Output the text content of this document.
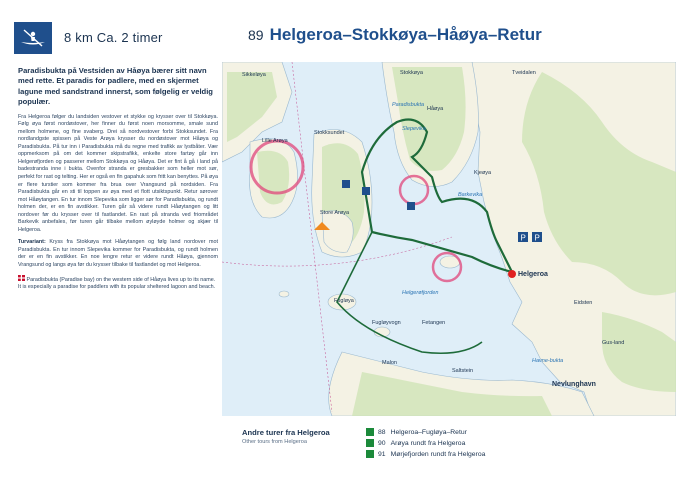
8 km Ca. 2 timer	89 Helgeroa–Stokkøya–Håøya–Retur

Paradisbukta på Vestsiden av Håøya bærer sitt navn med rette. Et paradis for padlere, med en skjermet lagune med sandstrand innerst, som følgelig er veldig populær.

Fra Helgeroa følger du landsiden vestover et stykke og krysser over til Stokkøya. Følg øya først nordøstover, her finner du først noen morsomme, smale sund mellom holmene, og fine svaberg. Drei så nordvestover forbi Stokksundet. Fra nordlandgste spissen på Veste Arøya krysser du nordøstover mot Håøya og Paradisbukta. På tur inn i Paradisbukta må du regne med trafikk av lystbåter. Vær oppmerksom på om det kommer skipstrafikk, enkelte store fartøy går inn Helgerøfjorden og passerer mellom Stokkøya og Håøya. Det er fint å gå i land på badestranda inne i bukta. Ovenfor stranda er gresbakker som heller mot sør, perfekt for rast og telting. Her er også en fin gapahuk som fritt kan benyttes. På øya er flere turstier som kommer fra bruа over Vrangsund på nordsiden. Fra Paradisbukta går en sti til toppen av øya med et flott utsiktspunkt. Retur sørover mot Håøytangen. En tur innom Slepevika som ligger sør for Paradisbukta, og rundt holmen der, er en fin avstikker. Turen går så videre rundt Håøytangen og litt nordover før du krysser over til fastlandet. En rast på stranda ved friområdet Barkevik anbefales, før turen går tilbake mellom øyløyde holmer og skjær til Helgeroa.

Turvariant: Kryss fra Stokkøya mot Håøytangen og følg land nordover mot Paradisbukta. En tur innom Slepevika kommer for Paradisbukta, og rundt holmen der er en fin avstikker. En noe lengre retur er videre rundt Håøya, gjennom Vrangsund og langs øya før du krysser tilbake til fastlandet og mot Helgeroa.

Paradisbukta (Paradise bay) on the western side of Håøya lives up to its name. It is especially a paradise for paddlers with its popular sheltered lagoon and beach.

P P
Sikkeløya	Stokkøya
Håøya
Paradisbukta
Slepevika
Kjeøya
Helgeroa
Helgerøfjorden
Fugløya
Fugløyvogn	Fetangen
Malon
Saltstein
Nevlunghavn
Tveidalen
Eidsten
Lille Arøya
Store Arøya
Stokksundet
Barkevika
Gus-land
Havne-bukta

Andre turer fra Helgeroa

Other tours from Helgeroa

88 Helgeroa–Fugløya–Retur
90 Arøya rundt fra Helgeroa
91 Mørjefjorden rundt fra Helgeroa
